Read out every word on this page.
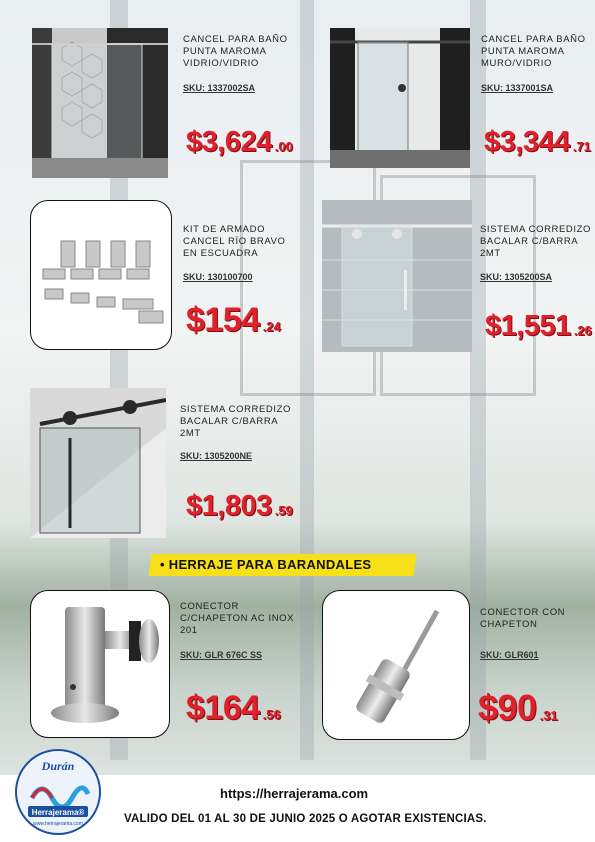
CANCEL PARA BAÑO
PUNTA MAROMA
VIDRIO/VIDRIO
SKU: 1337002SA
$3,624 .00
CANCEL PARA BAÑO
PUNTA MAROMA
MURO/VIDRIO
SKU: 1337001SA
$3,344 .71
KIT DE ARMADO
CANCEL RÍO BRAVO
EN ESCUADRA
SKU: 130100700
$154 .24
SISTEMA CORREDIZO
BACALAR C/BARRA
2MT
SKU: 1305200SA
$1,551 .26
SISTEMA CORREDIZO
BACALAR C/BARRA
2MT
SKU: 1305200NE
$1,803 .59
• HERRAJE PARA BARANDALES
CONECTOR
C/CHAPETON AC INOX
201
SKU: GLR 676C SS
$164 .56
CONECTOR CON
CHAPETON
SKU: GLR601
$90 .31
Durán
Herrajerama®
www.herrajerama.com
https://herrajerama.com
VALIDO DEL 01 AL 30 DE JUNIO 2025 O AGOTAR EXISTENCIAS.
